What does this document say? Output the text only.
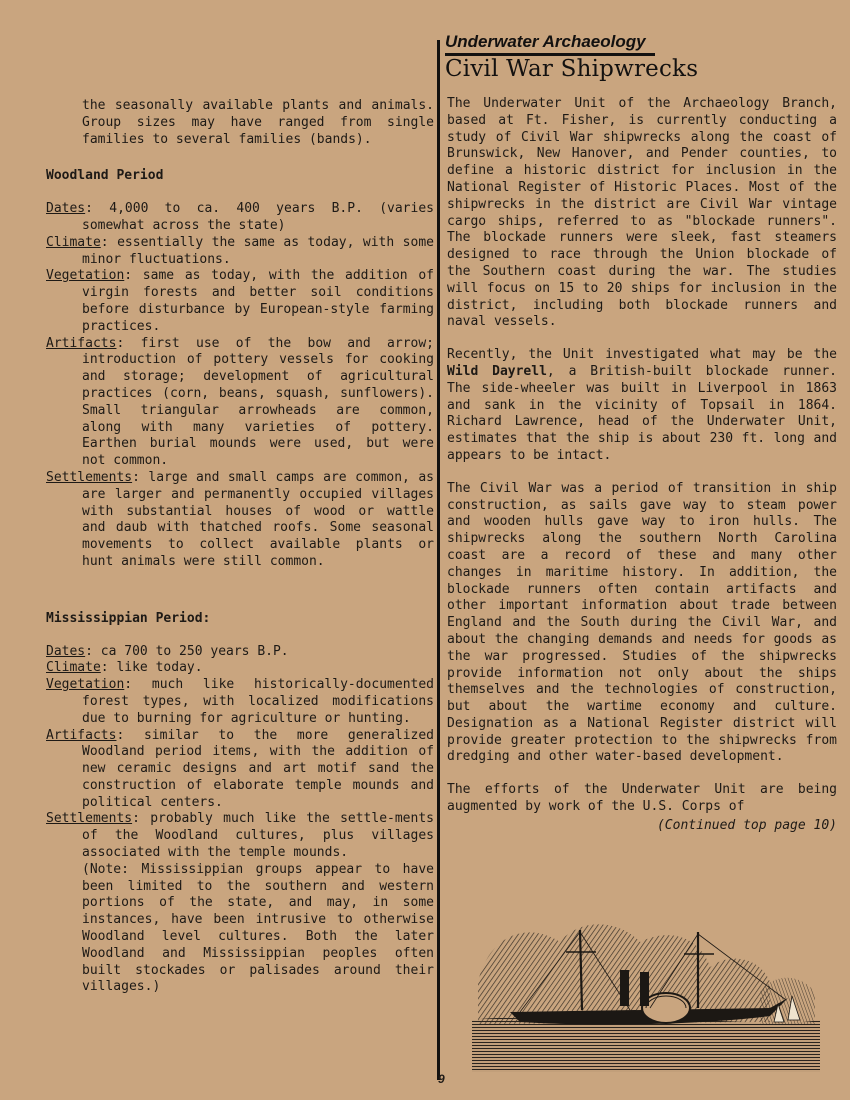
the seasonally available plants and animals. Group sizes may have ranged from single families to several families (bands).

Woodland Period
Dates: 4,000 to ca. 400 years B.P. (varies somewhat across the state)
Climate: essentially the same as today, with some minor fluctuations.
Vegetation: same as today, with the addition of virgin forests and better soil conditions before disturbance by European-style farming practices.
Artifacts: first use of the bow and arrow; introduction of pottery vessels for cooking and storage; development of agricultural practices (corn, beans, squash, sunflowers). Small triangular arrowheads are common, along with many varieties of pottery. Earthen burial mounds were used, but were not common.
Settlements: large and small camps are common, as are larger and permanently occupied villages with substantial houses of wood or wattle and daub with thatched roofs. Some seasonal movements to collect available plants or hunt animals were still common.
Mississippian Period:
Dates: ca 700 to 250 years B.P.
Climate: like today.
Vegetation: much like historically-documented forest types, with localized modifications due to burning for agriculture or hunting.
Artifacts: similar to the more generalized Woodland period items, with the addition of new ceramic designs and art motif sand the construction of elaborate temple mounds and political centers.
Settlements: probably much like the settle-ments of the Woodland cultures, plus villages associated with the temple mounds.

(Note: Mississippian groups appear to have been limited to the southern and western portions of the state, and may, in some instances, have been intrusive to otherwise Woodland level cultures. Both the later Woodland and Mississippian peoples often built stockades or palisades around their villages.)

Underwater Archaeology
Civil War Shipwrecks

The Underwater Unit of the Archaeology Branch, based at Ft. Fisher, is currently conducting a study of Civil War shipwrecks along the coast of Brunswick, New Hanover, and Pender counties, to define a historic district for inclusion in the National Register of Historic Places. Most of the shipwrecks in the district are Civil War vintage cargo ships, referred to as "blockade runners". The blockade runners were sleek, fast steamers designed to race through the Union blockade of the Southern coast during the war. The studies will focus on 15 to 20 ships for inclusion in the district, including both blockade runners and naval vessels.

Recently, the Unit investigated what may be the Wild Dayrell, a British-built blockade runner. The side-wheeler was built in Liverpool in 1863 and sank in the vicinity of Topsail in 1864. Richard Lawrence, head of the Underwater Unit, estimates that the ship is about 230 ft. long and appears to be intact.

The Civil War was a period of transition in ship construction, as sails gave way to steam power and wooden hulls gave way to iron hulls. The shipwrecks along the southern North Carolina coast are a record of these and many other changes in maritime history. In addition, the blockade runners often contain artifacts and other important information about trade between England and the South during the Civil War, and about the changing demands and needs for goods as the war progressed. Studies of the shipwrecks provide information not only about the ships themselves and the technologies of construction, but about the wartime economy and culture. Designation as a National Register district will provide greater protection to the shipwrecks from dredging and other water-based development.

The efforts of the Underwater Unit are being augmented by work of the U.S. Corps of

(Continued top page 10)
9
